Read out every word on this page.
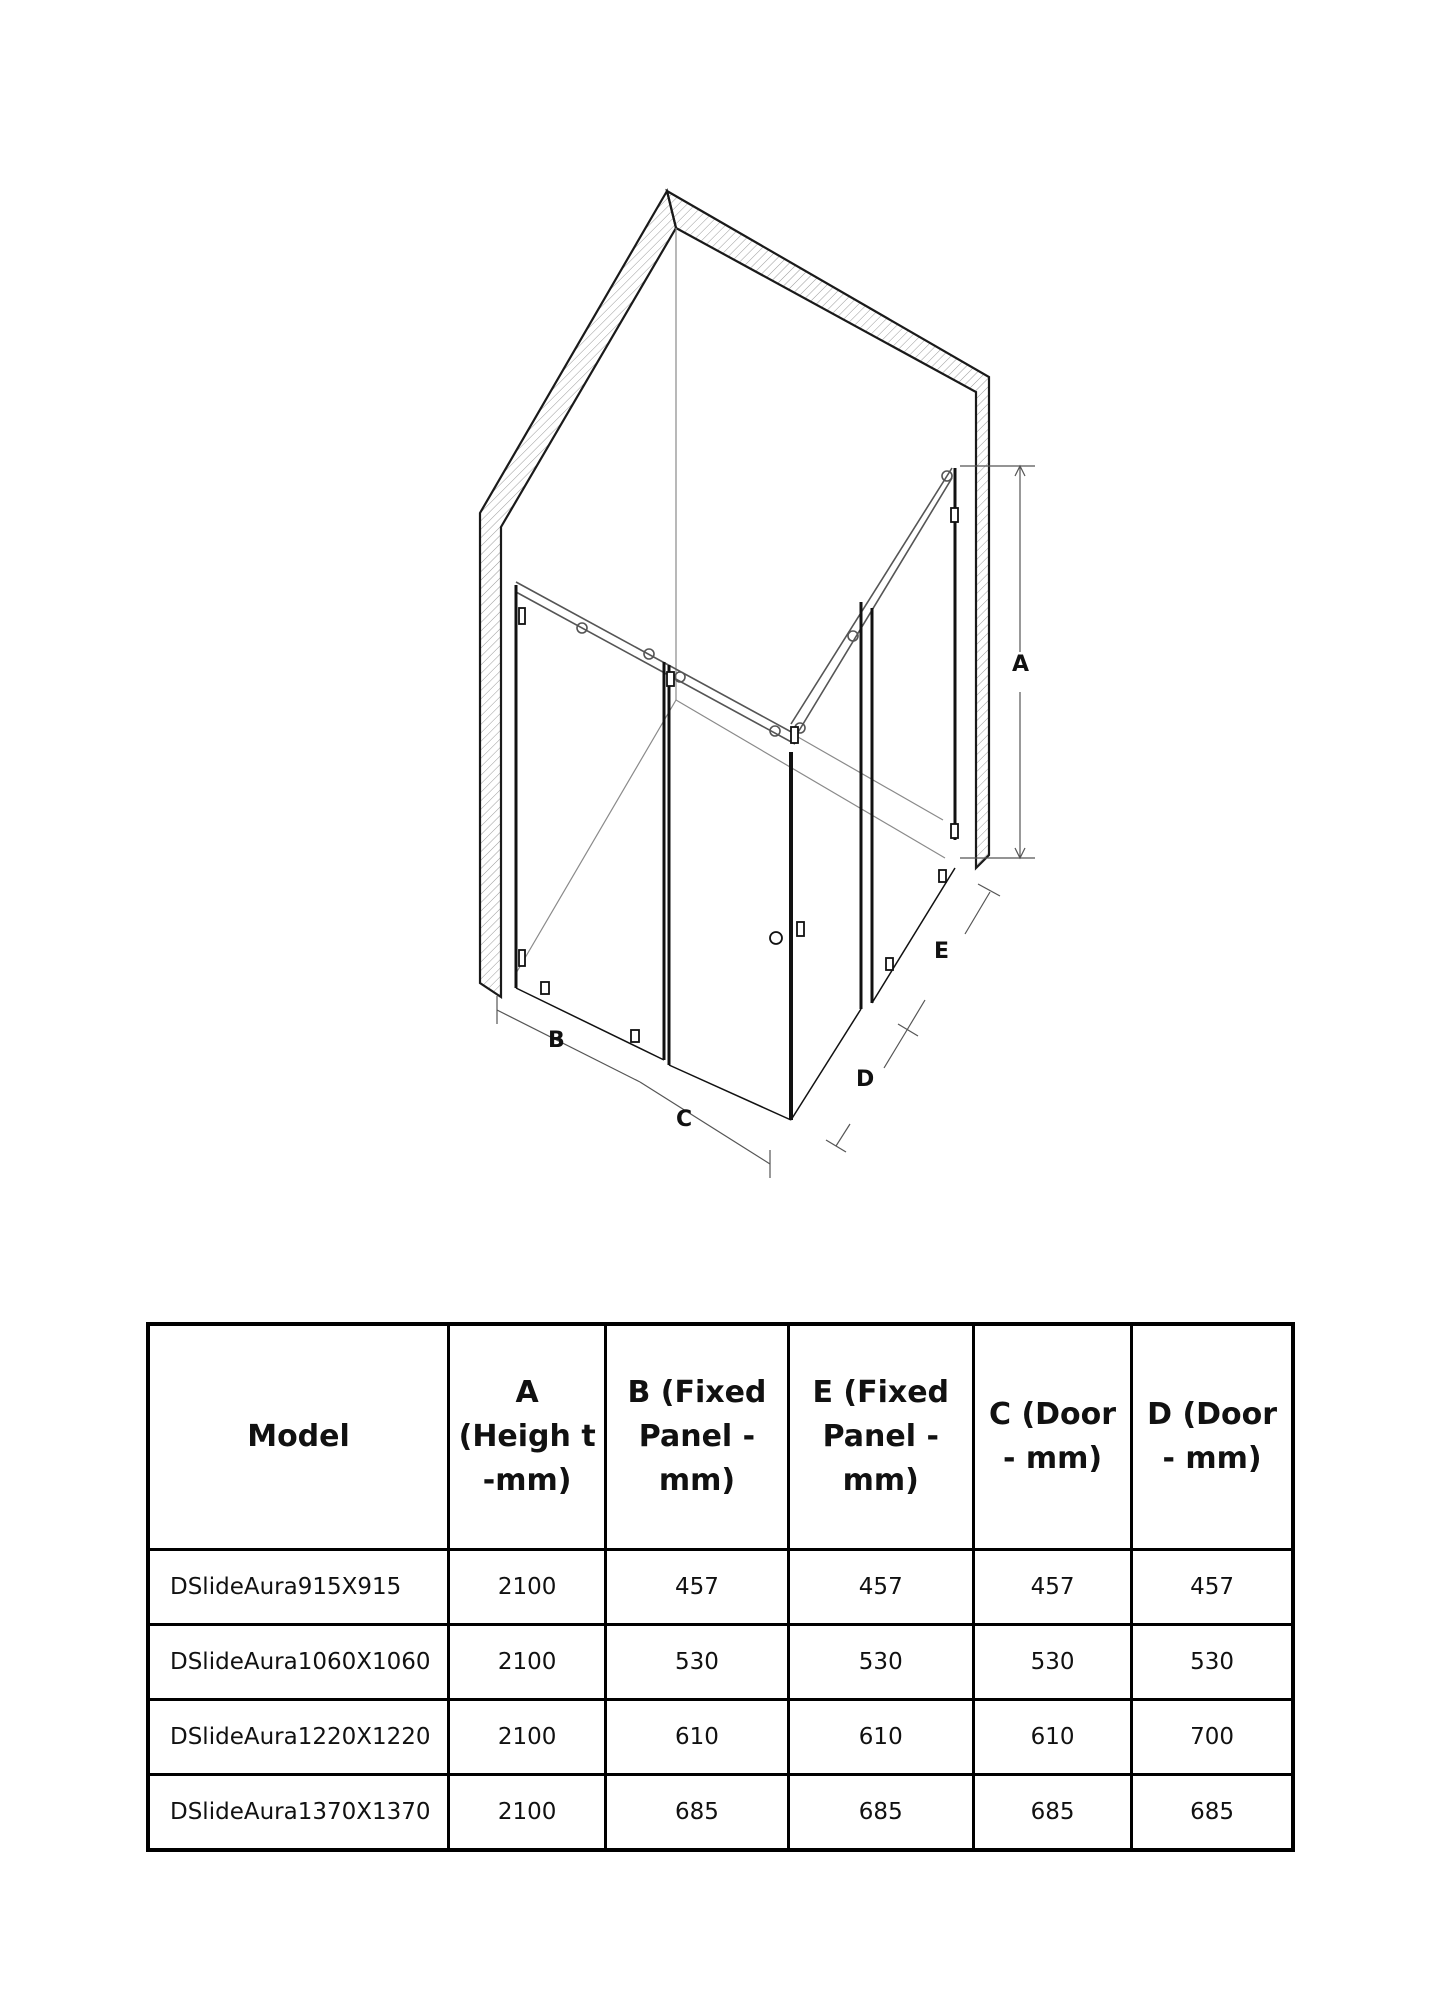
A
B
C
D
E
Model	A (Heigh t -mm)	B (Fixed Panel - mm)	E (Fixed Panel - mm)	C (Door - mm)	D (Door - mm)

DSlideAura915X915	2100	457	457	457	457
DSlideAura1060X1060	2100	530	530	530	530
DSlideAura1220X1220	2100	610	610	610	700
DSlideAura1370X1370	2100	685	685	685	685
